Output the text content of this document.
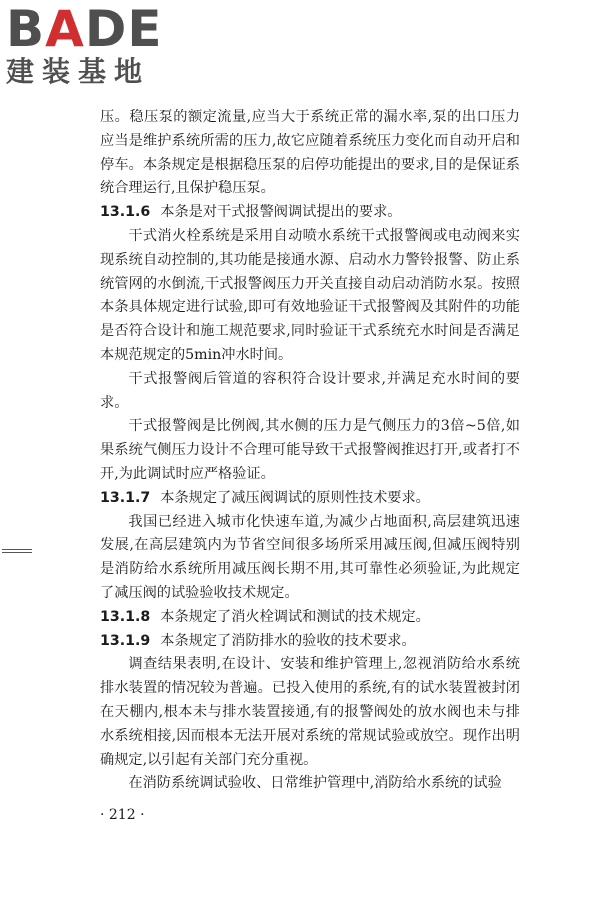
BADE
建装基地

压。稳压泵的额定流量,应当大于系统正常的漏水率,泵的出口压力应当是维护系统所需的压力,故它应随着系统压力变化而自动开启和停车。本条规定是根据稳压泵的启停功能提出的要求,目的是保证系统合理运行,且保护稳压泵。

13.1.6 本条是对干式报警阀调试提出的要求。

干式消火栓系统是采用自动喷水系统干式报警阀或电动阀来实现系统自动控制的,其功能是接通水源、启动水力警铃报警、防止系统管网的水倒流,干式报警阀压力开关直接自动启动消防水泵。按照本条具体规定进行试验,即可有效地验证干式报警阀及其附件的功能是否符合设计和施工规范要求,同时验证干式系统充水时间是否满足本规范规定的5min冲水时间。

干式报警阀后管道的容积符合设计要求,并满足充水时间的要求。

干式报警阀是比例阀,其水侧的压力是气侧压力的3倍~5倍,如果系统气侧压力设计不合理可能导致干式报警阀推迟打开,或者打不开,为此调试时应严格验证。

13.1.7 本条规定了减压阀调试的原则性技术要求。

我国已经进入城市化快速车道,为减少占地面积,高层建筑迅速发展,在高层建筑内为节省空间很多场所采用减压阀,但减压阀特别是消防给水系统所用减压阀长期不用,其可靠性必须验证,为此规定了减压阀的试验验收技术规定。

13.1.8 本条规定了消火栓调试和测试的技术规定。

13.1.9 本条规定了消防排水的验收的技术要求。

调查结果表明,在设计、安装和维护管理上,忽视消防给水系统排水装置的情况较为普遍。已投入使用的系统,有的试水装置被封闭在天棚内,根本未与排水装置接通,有的报警阀处的放水阀也未与排水系统相接,因而根本无法开展对系统的常规试验或放空。现作出明确规定,以引起有关部门充分重视。

在消防系统调试验收、日常维护管理中,消防给水系统的试验

· 212 ·
